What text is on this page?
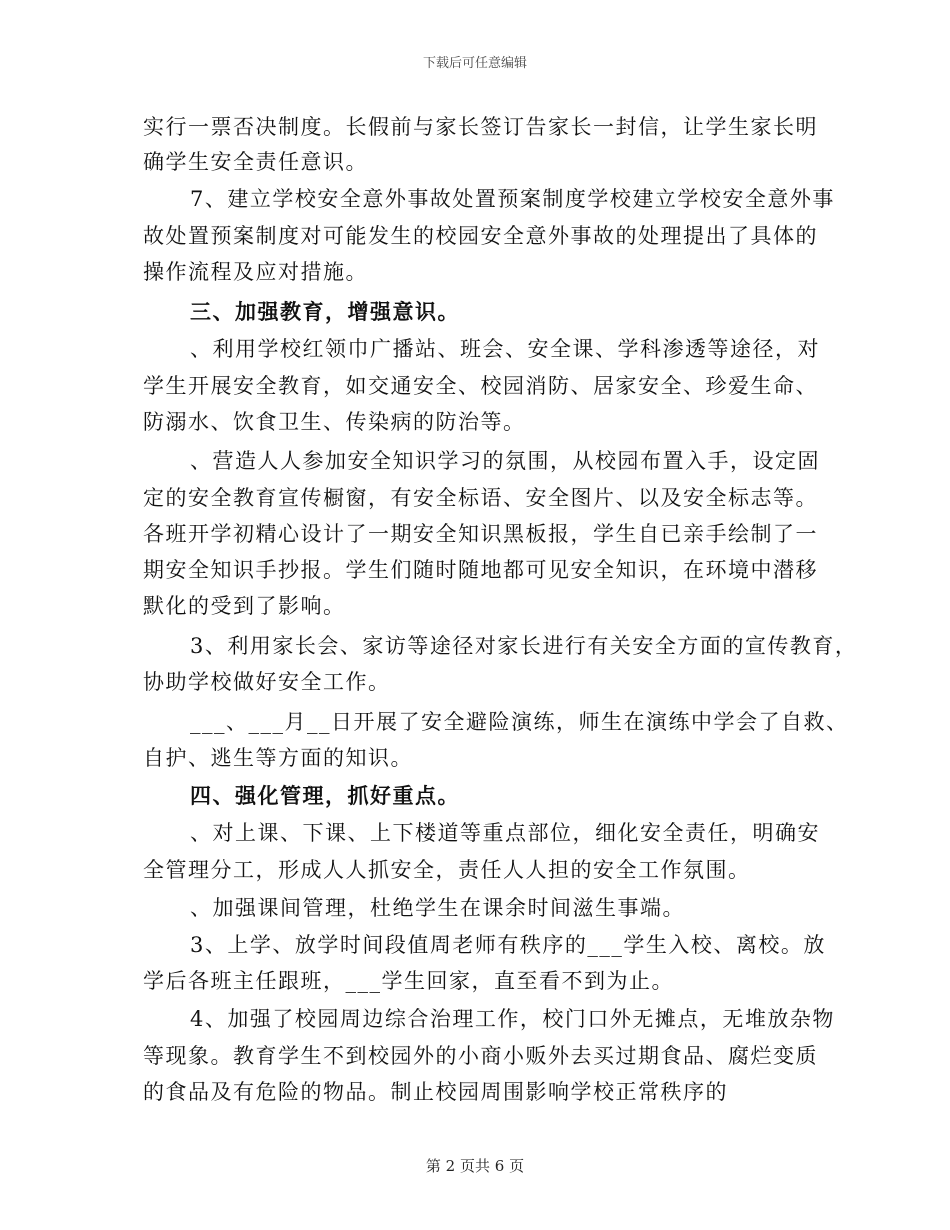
下载后可任意编辑
实行一票否决制度。长假前与家长签订告家长一封信，让学生家长明
确学生安全责任意识。
7、建立学校安全意外事故处置预案制度学校建立学校安全意外事
故处置预案制度对可能发生的校园安全意外事故的处理提出了具体的
操作流程及应对措施。
三、加强教育，增强意识。
、利用学校红领巾广播站、班会、安全课、学科渗透等途径，对
学生开展安全教育，如交通安全、校园消防、居家安全、珍爱生命、
防溺水、饮食卫生、传染病的防治等。
、营造人人参加安全知识学习的氛围，从校园布置入手，设定固
定的安全教育宣传橱窗，有安全标语、安全图片、以及安全标志等。
各班开学初精心设计了一期安全知识黑板报，学生自已亲手绘制了一
期安全知识手抄报。学生们随时随地都可见安全知识，在环境中潜移
默化的受到了影响。
3、利用家长会、家访等途径对家长进行有关安全方面的宣传教育，
协助学校做好安全工作。
___、___月__日开展了安全避险演练，师生在演练中学会了自救、
自护、逃生等方面的知识。
四、强化管理，抓好重点。
、对上课、下课、上下楼道等重点部位，细化安全责任，明确安
全管理分工，形成人人抓安全，责任人人担的安全工作氛围。
、加强课间管理，杜绝学生在课余时间滋生事端。
3、上学、放学时间段值周老师有秩序的___学生入校、离校。放
学后各班主任跟班，___学生回家，直至看不到为止。
4、加强了校园周边综合治理工作，校门口外无摊点，无堆放杂物
等现象。教育学生不到校园外的小商小贩外去买过期食品、腐烂变质
的食品及有危险的物品。制止校园周围影响学校正常秩序的
第 2 页共 6 页
